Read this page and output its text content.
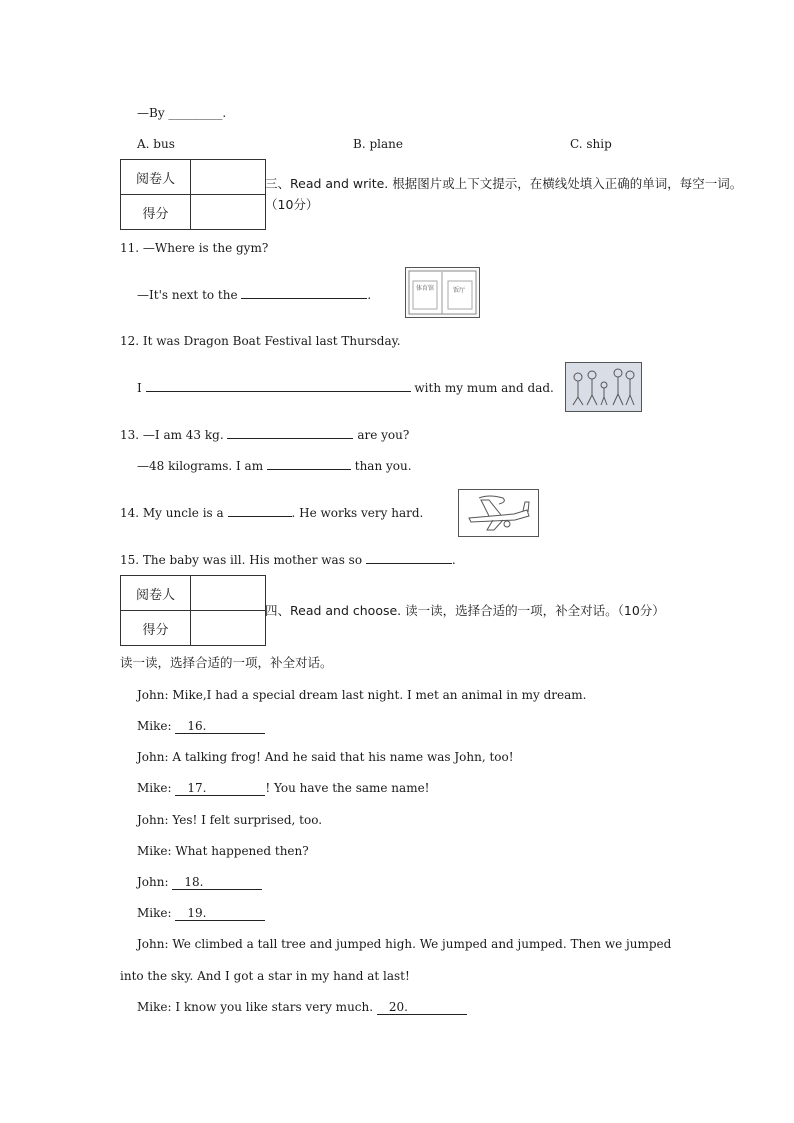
—By _________.
A. bus	B. plane	C. ship
阅卷人	
得分	
三、Read and write. 根据图片或上下文提示，在横线处填入正确的单词，每空一词。
（10分）
11. —Where is the gym?
—It's next to the	.	体育馆	饭厅
12. It was Dragon Boat Festival last Thursday.
I	with my mum and dad.
13. —I am 43 kg.	are you?
—48 kilograms. I am	than you.
14. My uncle is a	. He works very hard.
15. The baby was ill. His mother was so	.
阅卷人	
得分	
四、Read and choose. 读一读，选择合适的一项，补全对话。（10分）
读一读，选择合适的一项，补全对话。
John: Mike,I had a special dream last night. I met an animal in my dream.
Mike: 16.
John: A talking frog! And he said that his name was John, too!
Mike: 17.	! You have the same name!
John: Yes! I felt surprised, too.
Mike: What happened then?
John: 18.
Mike: 19.
John: We climbed a tall tree and jumped high. We jumped and jumped. Then we jumped
into the sky. And I got a star in my hand at last!
Mike: I know you like stars very much. 20.
